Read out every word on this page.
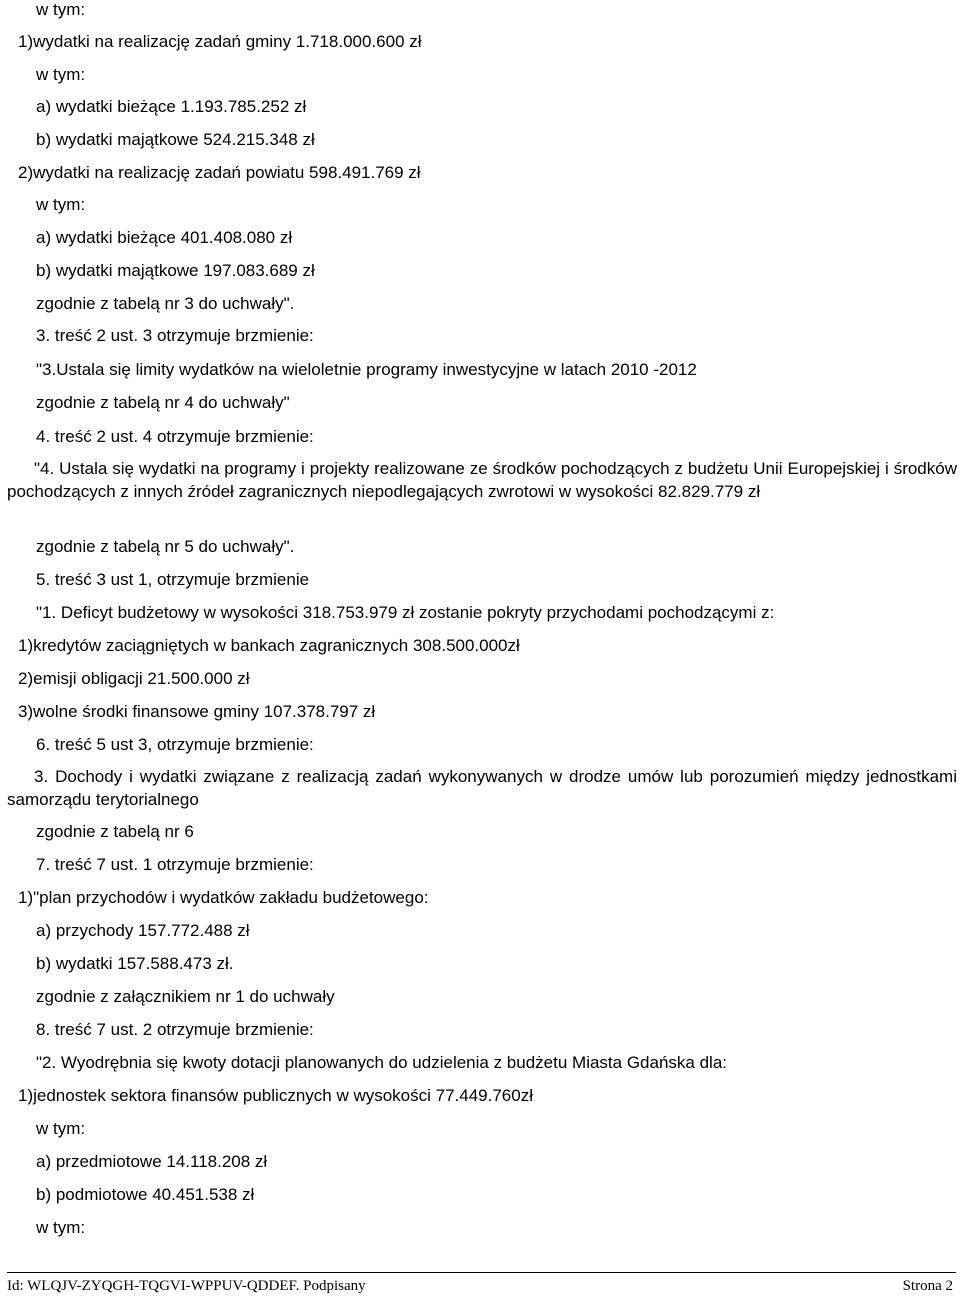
w tym:
1)wydatki na realizację zadań gminy 1.718.000.600 zł
w tym:
a) wydatki bieżące 1.193.785.252 zł
b) wydatki majątkowe 524.215.348 zł
2)wydatki na realizację zadań powiatu 598.491.769 zł
w tym:
a) wydatki bieżące 401.408.080 zł
b) wydatki majątkowe 197.083.689 zł
zgodnie z tabelą nr 3 do uchwały".
3. treść 2 ust. 3 otrzymuje brzmienie:
"3.Ustala się limity wydatków na wieloletnie programy inwestycyjne w latach 2010 -2012
zgodnie z tabelą nr 4 do uchwały"
4. treść 2 ust. 4 otrzymuje brzmienie:
"4. Ustala się wydatki na programy i projekty realizowane ze środków pochodzących z budżetu Unii Europejskiej i środków pochodzących z innych źródeł zagranicznych niepodlegających zwrotowi w wysokości 82.829.779 zł
zgodnie z tabelą nr 5 do uchwały".
5. treść 3 ust 1, otrzymuje brzmienie
"1. Deficyt budżetowy w wysokości 318.753.979 zł zostanie pokryty przychodami pochodzącymi z:
1)kredytów zaciągniętych w bankach zagranicznych 308.500.000zł
2)emisji obligacji 21.500.000 zł
3)wolne środki finansowe gminy 107.378.797 zł
6. treść 5 ust 3, otrzymuje brzmienie:
3. Dochody i wydatki związane z realizacją zadań wykonywanych w drodze umów lub porozumień między jednostkami samorządu terytorialnego
zgodnie z tabelą nr 6
7. treść 7 ust. 1 otrzymuje brzmienie:
1)"plan przychodów i wydatków zakładu budżetowego:
a) przychody 157.772.488 zł
b) wydatki 157.588.473 zł.
zgodnie z załącznikiem nr 1 do uchwały
8. treść 7 ust. 2 otrzymuje brzmienie:
"2. Wyodrębnia się kwoty dotacji planowanych do udzielenia z budżetu Miasta Gdańska dla:
1)jednostek sektora finansów publicznych w wysokości 77.449.760zł
w tym:
a) przedmiotowe 14.118.208 zł
b) podmiotowe 40.451.538 zł
w tym:
Id: WLQJV-ZYQGH-TQGVI-WPPUV-QDDEF. Podpisany	Strona 2
